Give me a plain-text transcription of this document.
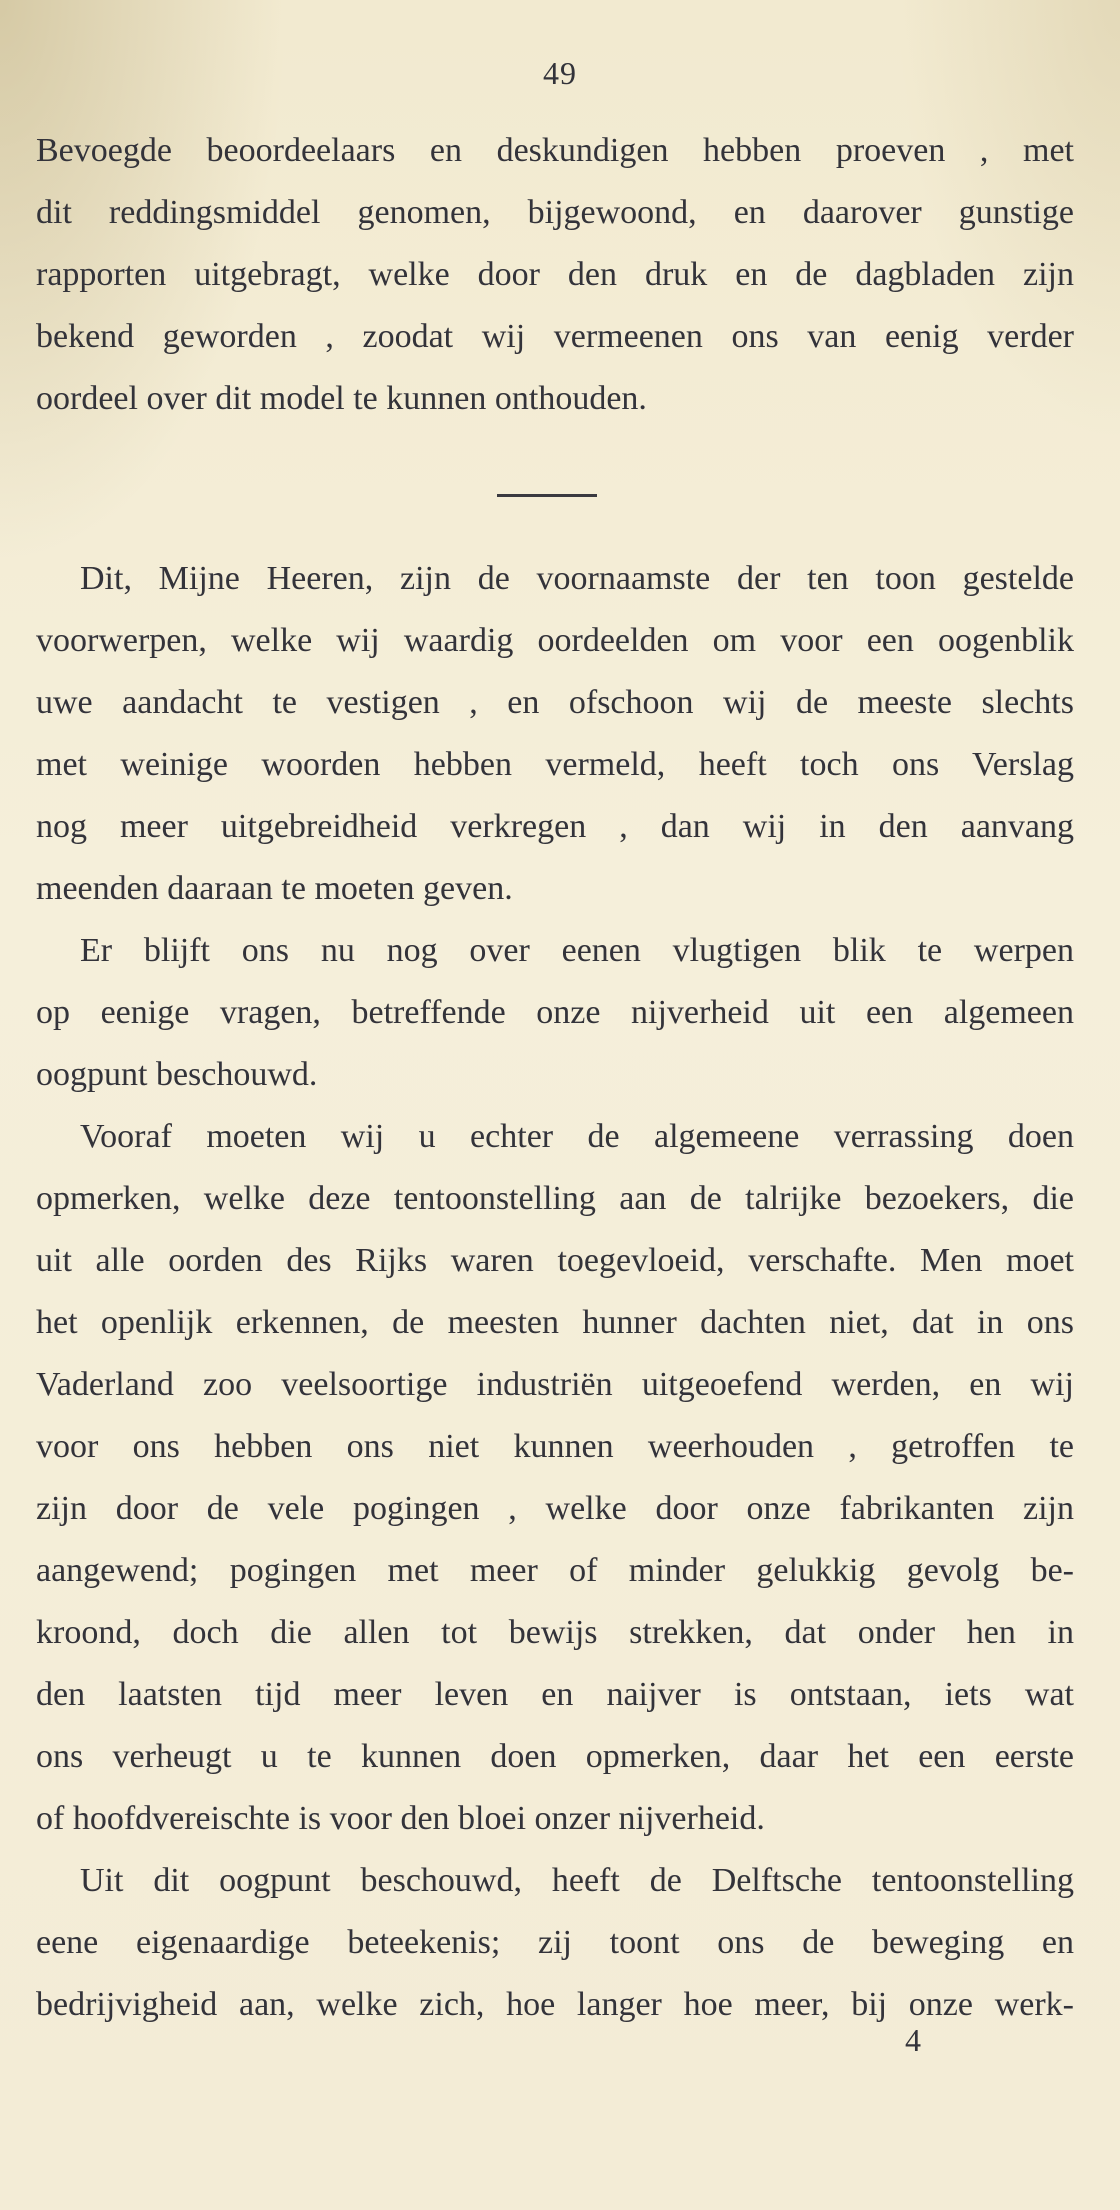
49
Bevoegde beoordeelaars en deskundigen hebben proeven , met
dit reddingsmiddel genomen, bijgewoond, en daarover gunstige
rapporten uitgebragt, welke door den druk en de dagbladen zijn
bekend geworden , zoodat wij vermeenen ons van eenig verder
oordeel over dit model te kunnen onthouden.
Dit, Mijne Heeren, zijn de voornaamste der ten toon gestelde
voorwerpen, welke wij waardig oordeelden om voor een oogenblik
uwe aandacht te vestigen , en ofschoon wij de meeste slechts
met weinige woorden hebben vermeld, heeft toch ons Verslag
nog meer uitgebreidheid verkregen , dan wij in den aanvang
meenden daaraan te moeten geven.
Er blijft ons nu nog over eenen vlugtigen blik te werpen
op eenige vragen, betreffende onze nijverheid uit een algemeen
oogpunt beschouwd.
Vooraf moeten wij u echter de algemeene verrassing doen
opmerken, welke deze tentoonstelling aan de talrijke bezoekers, die
uit alle oorden des Rijks waren toegevloeid, verschafte. Men moet
het openlijk erkennen, de meesten hunner dachten niet, dat in ons
Vaderland zoo veelsoortige industriën uitgeoefend werden, en wij
voor ons hebben ons niet kunnen weerhouden , getroffen te
zijn door de vele pogingen , welke door onze fabrikanten zijn
aangewend; pogingen met meer of minder gelukkig gevolg be-
kroond, doch die allen tot bewijs strekken, dat onder hen in
den laatsten tijd meer leven en naijver is ontstaan, iets wat
ons verheugt u te kunnen doen opmerken, daar het een eerste
of hoofdvereischte is voor den bloei onzer nijverheid.
Uit dit oogpunt beschouwd, heeft de Delftsche tentoonstelling
eene eigenaardige beteekenis; zij toont ons de beweging en
bedrijvigheid aan, welke zich, hoe langer hoe meer, bij onze werk-
4
